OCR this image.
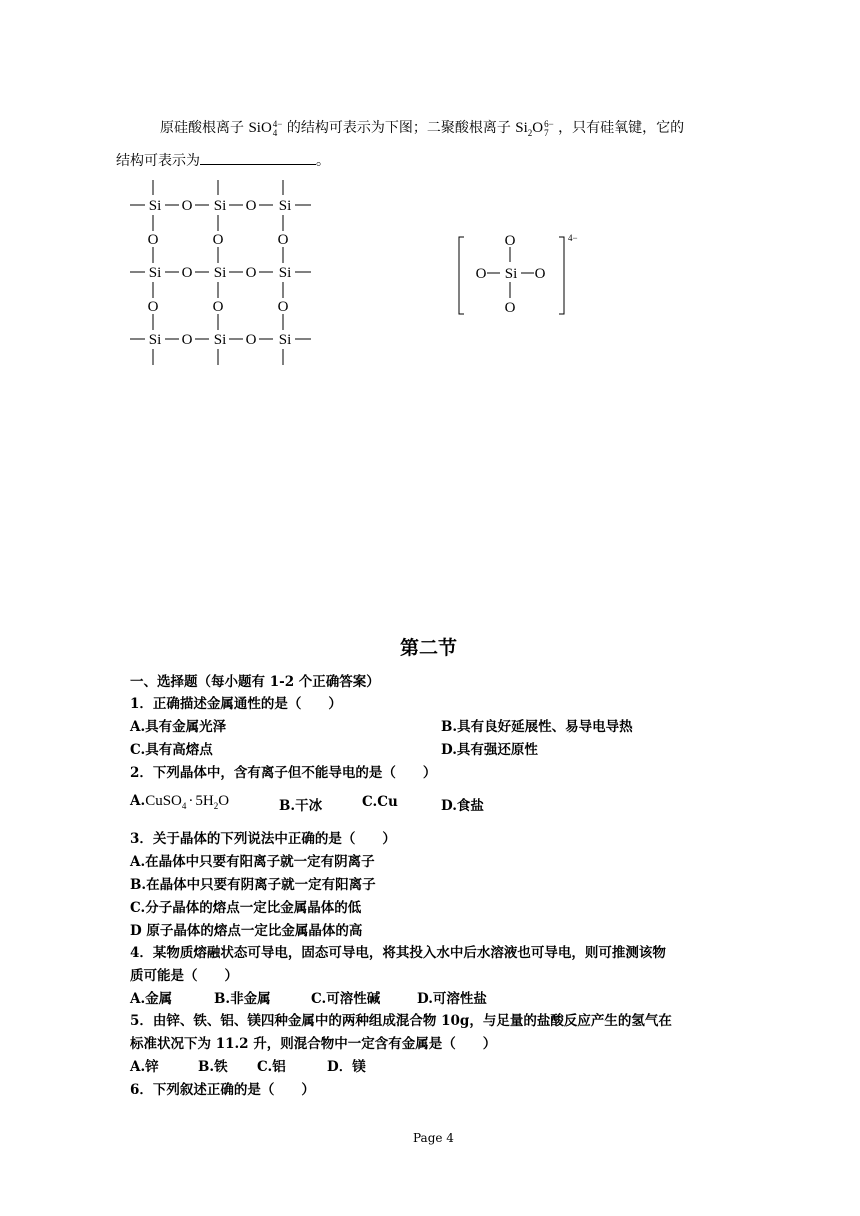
原硅酸根离子 SiO 4−
4 的结构可表示为下图；二聚酸根离子 $Si_2O$ 6−
7 ，只有硅氧键，它的
结构可表示为	。
Si O Si O Si
O	O	O
Si O Si O Si
O	O	O
Si O Si O Si
O
O Si O
O
4−
第二节
一、选择题（每小题有 1-2 个正确答案）
1．正确描述金属通性的是（　　）
A.具有金属光泽	B.具有良好延展性、易导电导热
C.具有高熔点	D.具有强还原性
2．下列晶体中，含有离子但不能导电的是（　　）
A.CuSO$_4$ · $5H_2O$	B.干冰	C.Cu	D.食盐
3．关于晶体的下列说法中正确的是（　　）
A.在晶体中只要有阳离子就一定有阴离子
B.在晶体中只要有阴离子就一定有阳离子
C.分子晶体的熔点一定比金属晶体的低
D 原子晶体的熔点一定比金属晶体的高
4．某物质熔融状态可导电，固态可导电，将其投入水中后水溶液也可导电，则可推测该物
质可能是（　　）
A.金属	B.非金属	C.可溶性碱	D.可溶性盐
5．由锌、铁、铝、镁四种金属中的两种组成混合物 10g，与足量的盐酸反应产生的氢气在
标准状况下为 11.2 升，则混合物中一定含有金属是（　　）
A.锌	B.铁 C.铝	D．镁
6．下列叙述正确的是（　　）
Page 4
